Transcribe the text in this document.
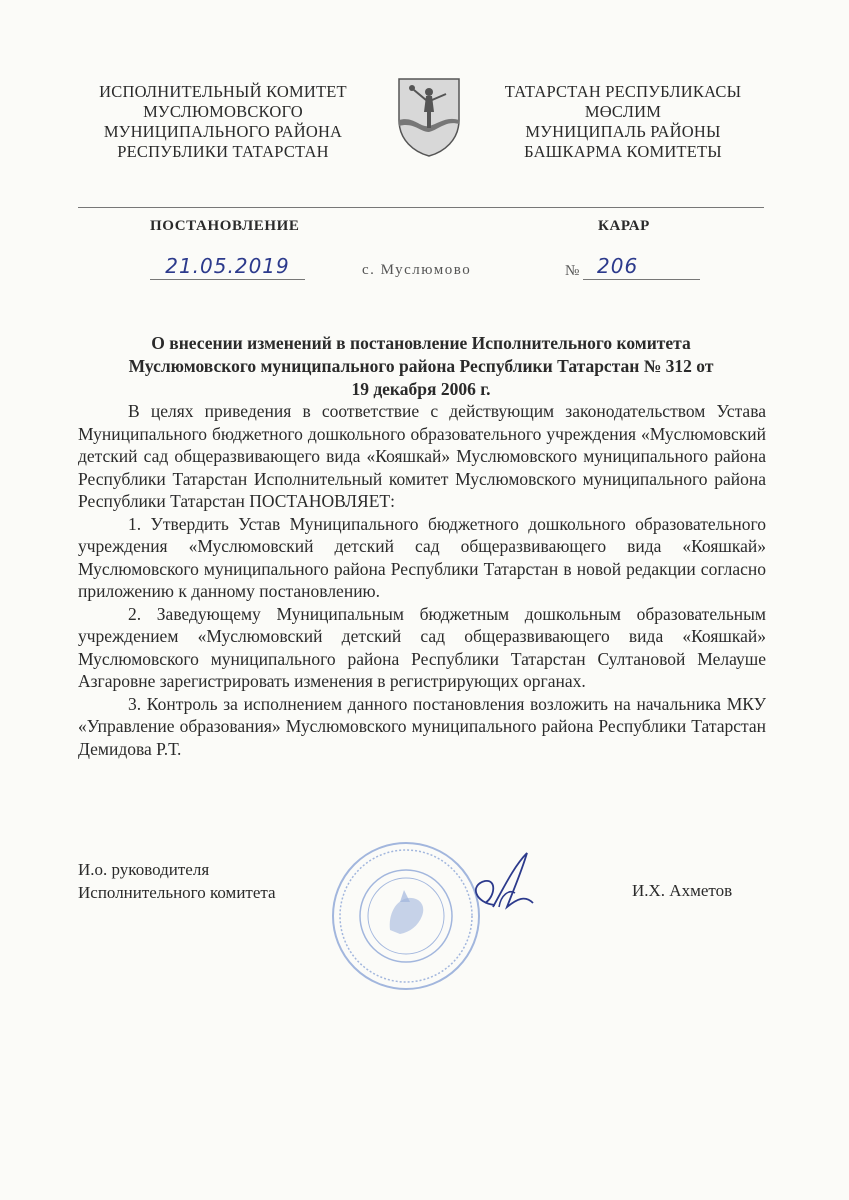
ИСПОЛНИТЕЛЬНЫЙ КОМИТЕТ
МУСЛЮМОВСКОГО
МУНИЦИПАЛЬНОГО РАЙОНА
РЕСПУБЛИКИ ТАТАРСТАН
ТАТАРСТАН РЕСПУБЛИКАСЫ
МӨСЛИМ
МУНИЦИПАЛЬ РАЙОНЫ
БАШКАРМА КОМИТЕТЫ
ПОСТАНОВЛЕНИЕ	КАРАР
21.05.2019	с. Муслюмово	№ 206
О внесении изменений в постановление Исполнительного комитета
Муслюмовского муниципального района Республики Татарстан № 312 от
19 декабря 2006 г.

В целях приведения в соответствие с действующим законодательством Устава Муниципального бюджетного дошкольного образовательного учреждения «Муслюмовский детский сад общеразвивающего вида «Кояшкай» Муслюмовского муниципального района Республики Татарстан Исполнительный комитет Муслюмовского муниципального района Республики Татарстан ПОСТАНОВЛЯЕТ:

1. Утвердить Устав Муниципального бюджетного дошкольного образовательного учреждения «Муслюмовский детский сад общеразвивающего вида «Кояшкай» Муслюмовского муниципального района Республики Татарстан в новой редакции согласно приложению к данному постановлению.

2. Заведующему Муниципальным бюджетным дошкольным образовательным учреждением «Муслюмовский детский сад общеразвивающего вида «Кояшкай» Муслюмовского муниципального района Республики Татарстан Султановой Мелауше Азгаровне зарегистрировать изменения в регистрирующих органах.

3. Контроль за исполнением данного постановления возложить на начальника МКУ «Управление образования» Муслюмовского муниципального района Республики Татарстан Демидова Р.Т.

И.о. руководителя
Исполнительного комитета	И.Х. Ахметов
